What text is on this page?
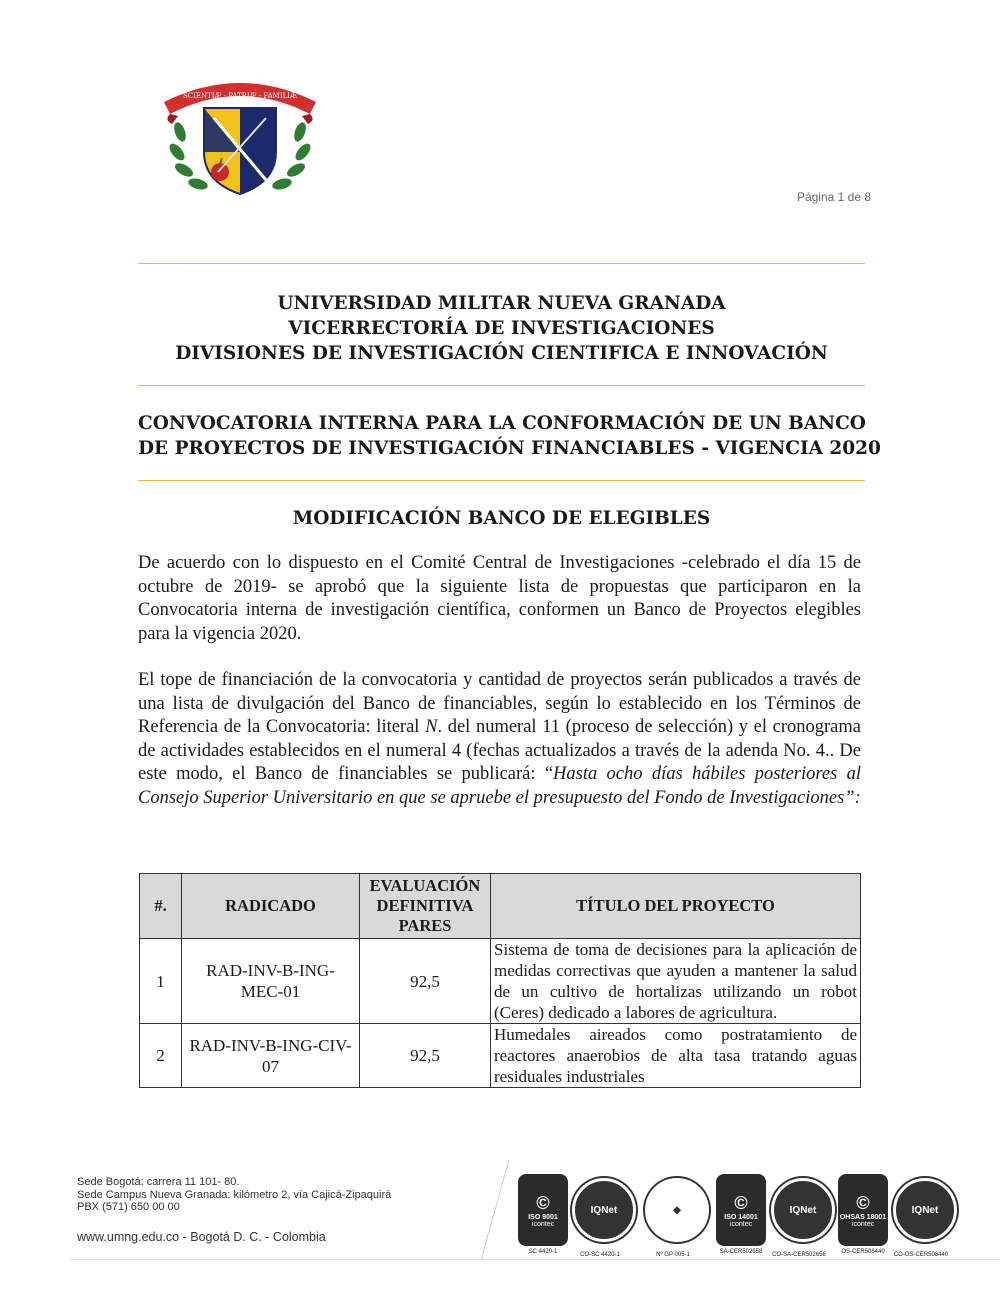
SCIENTIÆ · PATRIÆ · FAMILIÆ
Página 1 de 8
UNIVERSIDAD MILITAR NUEVA GRANADA
VICERRECTORÍA DE INVESTIGACIONES
DIVISIONES DE INVESTIGACIÓN CIENTIFICA E INNOVACIÓN
CONVOCATORIA INTERNA PARA LA CONFORMACIÓN DE UN BANCO
DE PROYECTOS DE INVESTIGACIÓN FINANCIABLES - VIGENCIA 2020
MODIFICACIÓN BANCO DE ELEGIBLES
De acuerdo con lo dispuesto en el Comité Central de Investigaciones -celebrado el día 15 de octubre de 2019- se aprobó que la siguiente lista de propuestas que participaron en la Convocatoria interna de investigación científica, conformen un Banco de Proyectos elegibles para la vigencia 2020.
El tope de financiación de la convocatoria y cantidad de proyectos serán publicados a través de una lista de divulgación del Banco de financiables, según lo establecido en los Términos de Referencia de la Convocatoria: literal N. del numeral 11 (proceso de selección) y el cronograma de actividades establecidos en el numeral 4 (fechas actualizados a través de la adenda No. 4.. De este modo, el Banco de financiables se publicará: “Hasta ocho días hábiles posteriores al Consejo Superior Universitario en que se apruebe el presupuesto del Fondo de Investigaciones”:
#.	RADICADO	EVALUACIÓN DEFINITIVA PARES	TÍTULO DEL PROYECTO
1	RAD-INV-B-ING-MEC-01	92,5	Sistema de toma de decisiones para la aplicación de medidas correctivas que ayuden a mantener la salud de un cultivo de hortalizas utilizando un robot (Ceres) dedicado a labores de agricultura.
2	RAD-INV-B-ING-CIV-07	92,5	Humedales aireados como postratamiento de reactores anaerobios de alta tasa tratando aguas residuales industriales
Sede Bogotá: carrera 11 101- 80.
Sede Campus Nueva Granada: kilómetro 2, vía Cajicá-Zipaquirá
PBX (571) 650 00 00
www.umng.edu.co - Bogotá D. C. - Colombia
©
ISO 9001
icontec
SC 4420-1
IQNet
CO-SC 4420-1
◆
Nº GP 005-1
©
ISO 14001
icontec
SA-CER502658
IQNet
CO-SA-CER502656
©
OHSAS 18001
icontec
OS-CER508440
IQNet
CO-OS-CER508440
